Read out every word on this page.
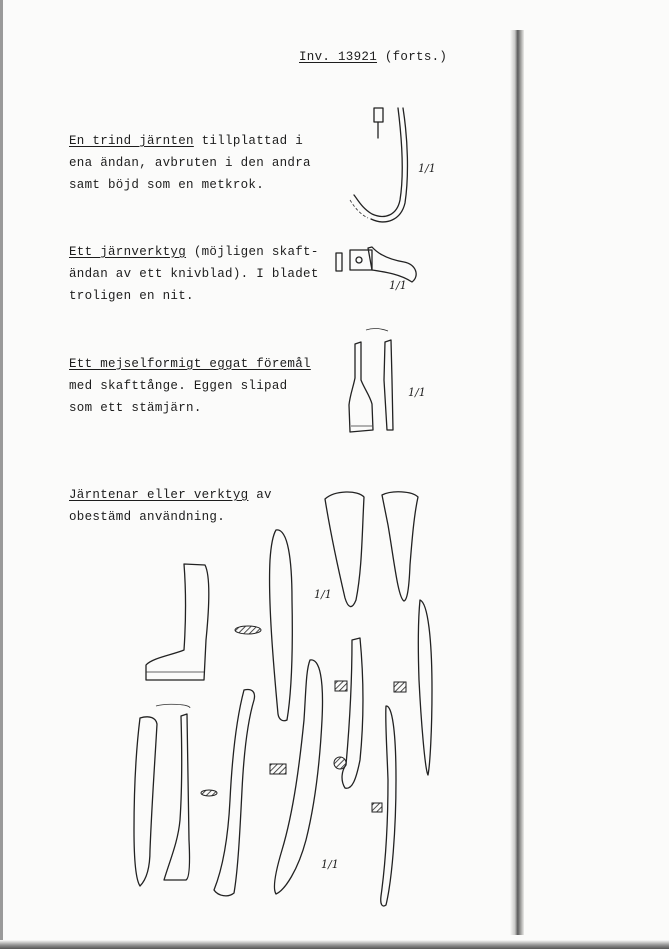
Inv. 13921 (forts.)
En trind järnten tillplattad i
ena ändan, avbruten i den andra
samt böjd som en metkrok.
Ett järnverktyg (möjligen skaft-
ändan av ett knivblad). I bladet
troligen en nit.
Ett mejselformigt eggat föremål
med skafttånge. Eggen slipad
som ett stämjärn.
Järntenar eller verktyg av
obestämd användning.
1/1
1/1
1/1
1/1
1/1
